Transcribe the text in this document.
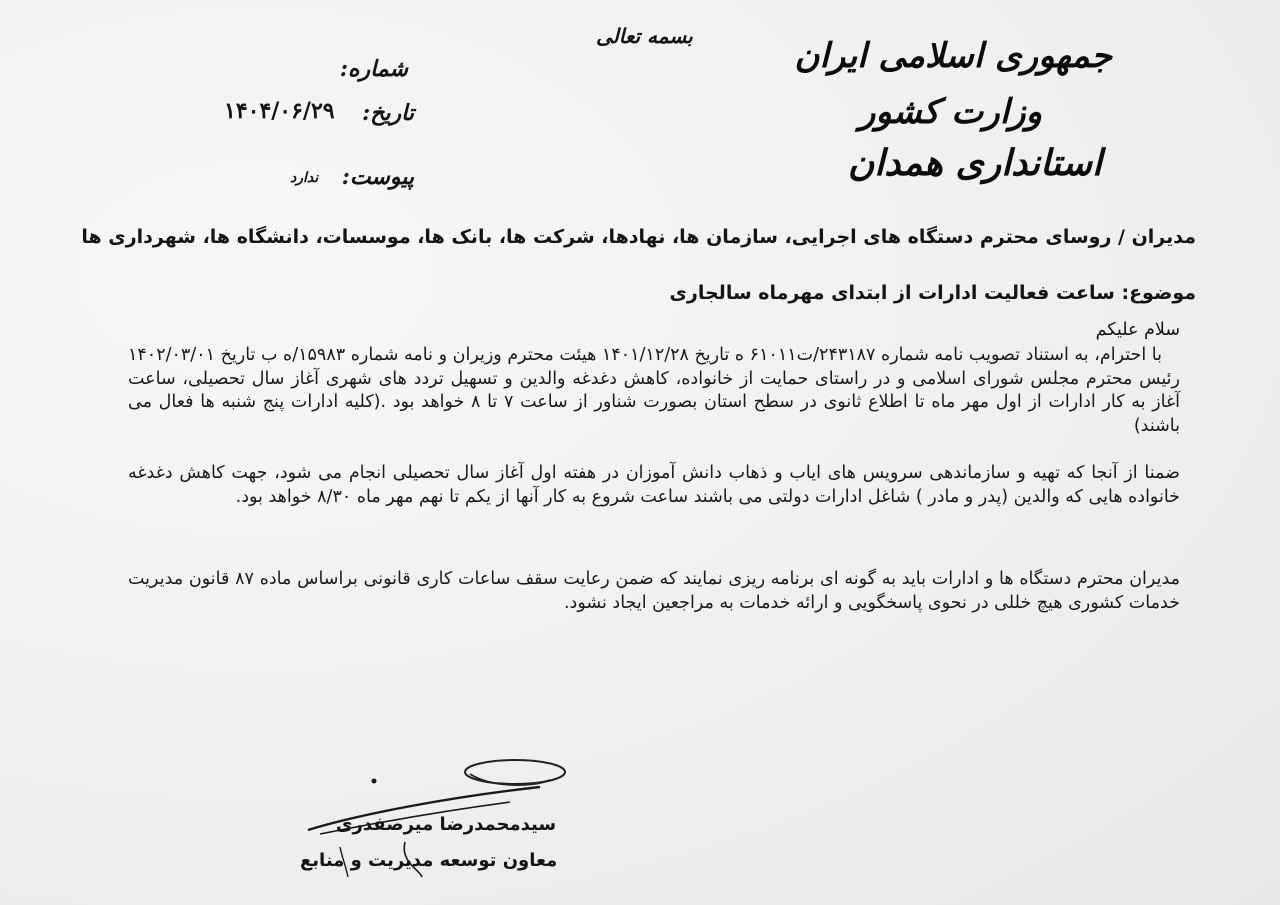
جمهوری اسلامی ایران
وزارت کشور
استانداری همدان
بسمه تعالی
شماره:
تاریخ:
۱۴۰۴/۰۶/۲۹
پیوست:
ندارد
مدیران / روسای محترم دستگاه های اجرایی، سازمان ها، نهادها، شرکت ها، بانک ها، موسسات، دانشگاه ها، شهرداری ها
موضوع: ساعت فعالیت ادارات از ابتدای مهرماه سالجاری
سلام علیکم
با احترام، به استناد تصویب نامه شماره ۲۴۳۱۸۷/ت۶۱۰۱۱ ه تاریخ ۱۴۰۱/۱۲/۲۸ هیئت محترم وزیران و نامه شماره ۱۵۹۸۳/ه ب تاریخ ۱۴۰۲/۰۳/۰۱ رئیس محترم مجلس شورای اسلامی و در راستای حمایت از خانواده، کاهش دغدغه والدین و تسهیل تردد های شهری آغاز سال تحصیلی، ساعت آغاز به کار ادارات از اول مهر ماه تا اطلاع ثانوی در سطح استان بصورت شناور از ساعت ۷ تا ۸ خواهد بود .(کلیه ادارات پنج شنبه ها فعال می باشند)
ضمنا از آنجا که تهیه و سازماندهی سرویس های ایاب و ذهاب دانش آموزان در هفته اول آغاز سال تحصیلی انجام می شود، جهت کاهش دغدغه خانواده هایی که والدین (پدر و مادر ) شاغل ادارات دولتی می باشند ساعت شروع به کار آنها از یکم تا نهم مهر ماه ۸/۳۰ خواهد بود.
مدیران محترم دستگاه ها و ادارات باید به گونه ای برنامه ریزی نمایند که ضمن رعایت سقف ساعات کاری قانونی براساس ماده ۸۷ قانون مدیریت خدمات کشوری هیچ خللی در نحوی پاسخگویی و ارائه خدمات به مراجعین ایجاد نشود.
سیدمحمدرضا میرصفدری
معاون توسعه مدیریت و منابع
